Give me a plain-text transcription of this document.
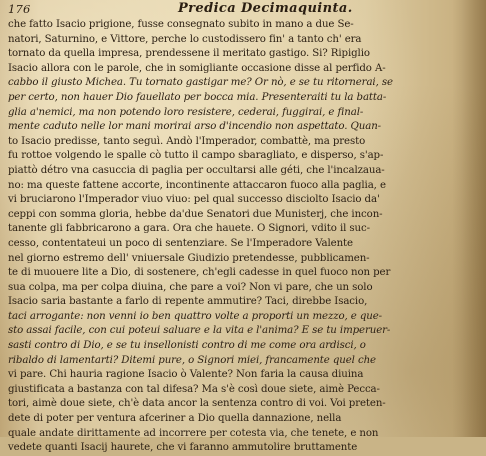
176	Predica Decimaquinta.
che fatto Isacio prigione, fusse consegnato subito in mano a due Se-
natori, Saturnino, e Vittore, perche lo custodissero fin' a tanto ch' era
tornato da quella impresa, prendessene il meritato gastigo. Si? Ripiglio
Isacio allora con le parole, che in somigliante occasione disse al perfido A-
cabbo il giusto Michea. Tu tornato gastigar me? Or nò, e se tu ritornerai, se
per certo, non hauer Dio fauellato per bocca mia. Presenteraiti tu la batta-
glia a'nemici, ma non potendo loro resistere, cederai, fuggirai, e final-
mente caduto nelle lor mani morirai arso d'incendio non aspettato. Quan-
to Isacio predisse, tanto seguì. Andò l'Imperador, combattè, ma presto
fu rottoe volgendo le spalle cò tutto il campo sbaragliato, e disperso, s'ap-
piattò détro vna casuccia di paglia per occultarsi alle géti, che l'incalzaua-
no: ma queste fattene accorte, incontinente attaccaron fuoco alla paglia, e
vi bruciarono l'Imperador viuo viuo: pel qual successo disciolto Isacio da'
ceppi con somma gloria, hebbe da'due Senatori due Munisterj, che incon-
tanente gli fabbricarono a gara. Ora che hauete. O Signori, vdito il suc-
cesso, contentateui un poco di sentenziare. Se l'Imperadore Valente
nel giorno estremo dell' vniuersale Giudizio pretendesse, pubblicamen-
te di muouere lite a Dio, di sostenere, ch'egli cadesse in quel fuoco non per
sua colpa, ma per colpa diuina, che pare a voi? Non vi pare, che un solo
Isacio saria bastante a farlo di repente ammutire? Taci, direbbe Isacio,
taci arrogante: non venni io ben quattro volte a proporti un mezzo, e que-
sto assai facile, con cui poteui saluare e la vita e l'anima? E se tu imperuer-
sasti contro di Dio, e se tu insellonisti contro di me come ora ardisci, o
ribaldo di lamentarti? Ditemi pure, o Signori miei, francamente quel che
vi pare. Chi hauria ragione Isacio ò Valente? Non faria la causa diuina
giustificata a bastanza con tal difesa? Ma s'è così doue siete, aimè Pecca-
tori, aimè doue siete, ch'è data ancor la sentenza contro di voi. Voi preten-
dete di poter per ventura afceriner a Dio quella dannazione, nella
quale andate dirittamente ad incorrere per cotesta via, che tenete, e non
vedete quanti Isacij haurete, che vi faranno ammutolire bruttamente
